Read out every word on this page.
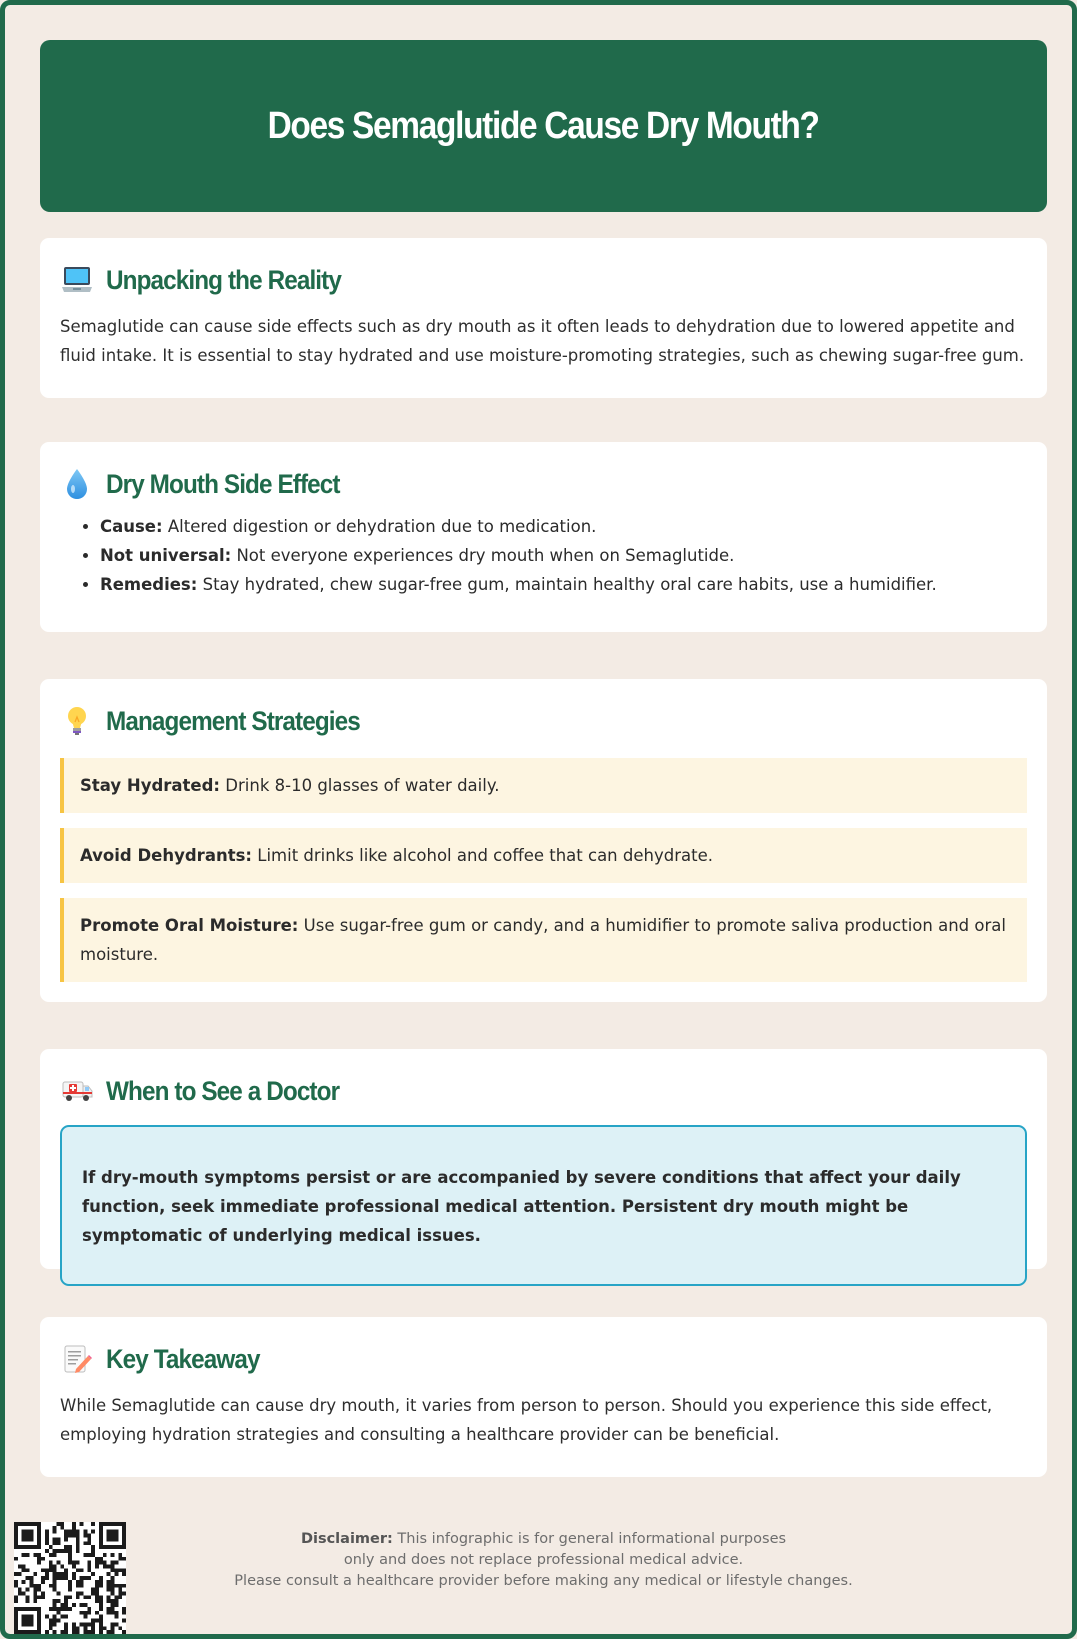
Does Semaglutide Cause Dry Mouth?
Unpacking the Reality

Semaglutide can cause side effects such as dry mouth as it often leads to dehydration due to lowered appetite and fluid intake. It is essential to stay hydrated and use moisture-promoting strategies, such as chewing sugar-free gum.

Dry Mouth Side Effect
• Cause: Altered digestion or dehydration due to medication.
• Not universal: Not everyone experiences dry mouth when on Semaglutide.
• Remedies: Stay hydrated, chew sugar-free gum, maintain healthy oral care habits, use a humidifier.
Management Strategies
Stay Hydrated: Drink 8-10 glasses of water daily.
Avoid Dehydrants: Limit drinks like alcohol and coffee that can dehydrate.
Promote Oral Moisture: Use sugar-free gum or candy, and a humidifier to promote saliva production and oral moisture.
When to See a Doctor
If dry-mouth symptoms persist or are accompanied by severe conditions that affect your daily function, seek immediate professional medical attention. Persistent dry mouth might be symptomatic of underlying medical issues.
Key Takeaway

While Semaglutide can cause dry mouth, it varies from person to person. Should you experience this side effect, employing hydration strategies and consulting a healthcare provider can be beneficial.

Disclaimer: This infographic is for general informational purposes
only and does not replace professional medical advice.
Please consult a healthcare provider before making any medical or lifestyle changes.
